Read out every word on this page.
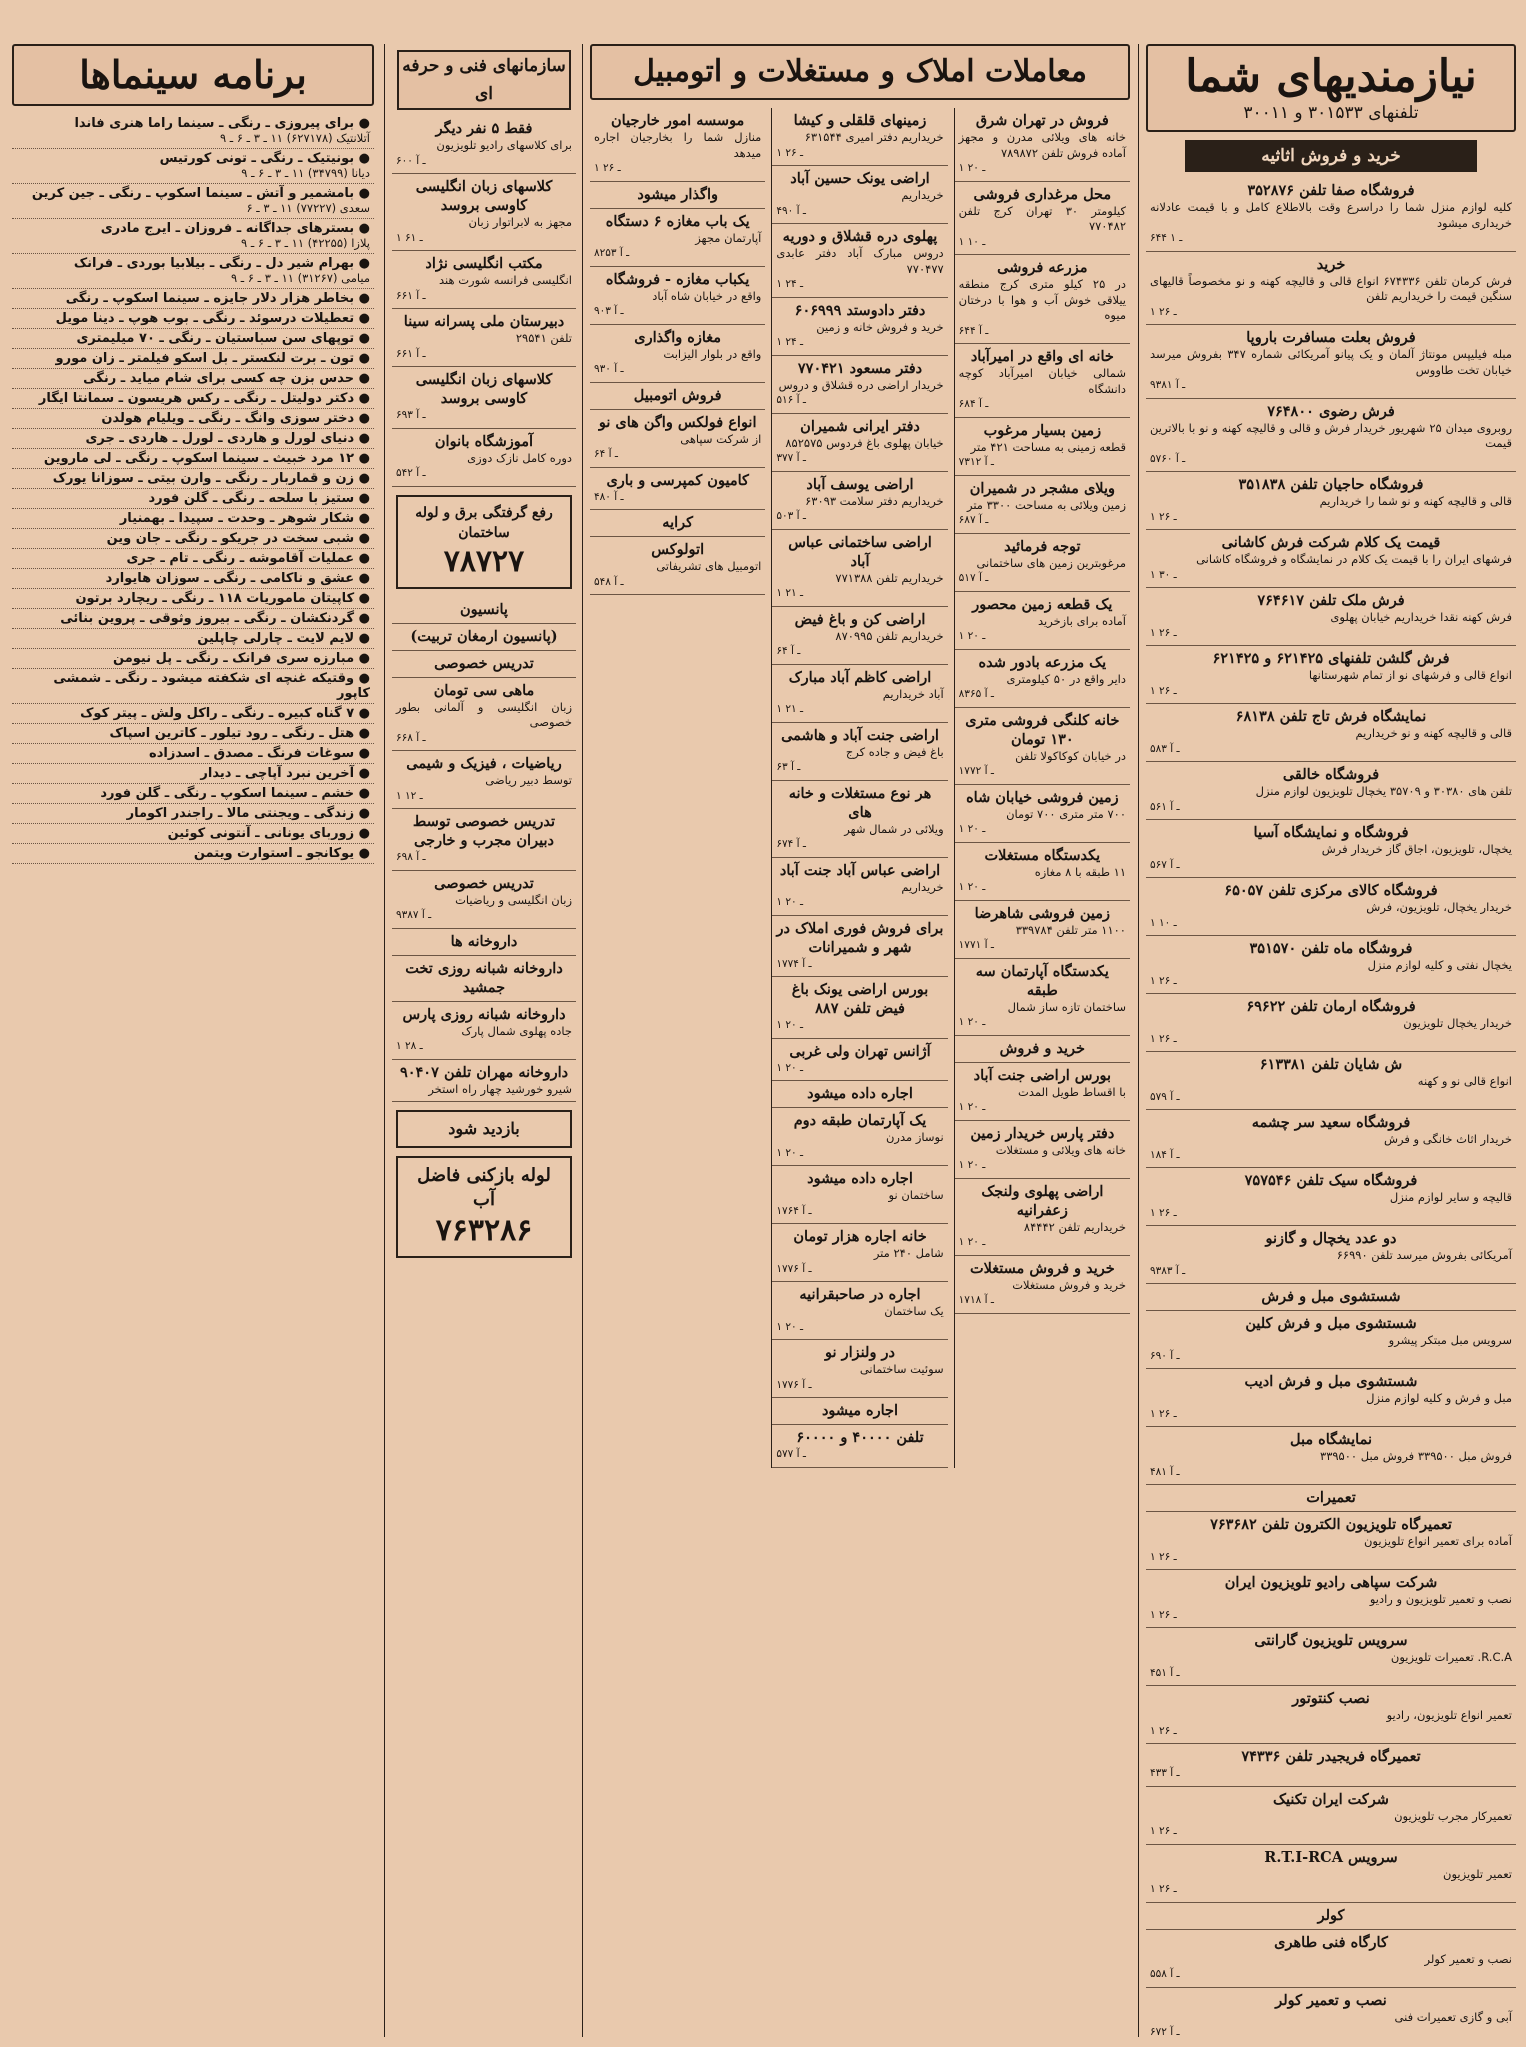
نیازمندیهای شما
تلفنهای ۳۰۱۵۳۳ و ۳۰۰۱۱
خرید و فروش اثاثیه
فروشگاه صفا تلفن ۳۵۲۸۷۶
کلیه لوازم منزل شما را دراسرع وقت بالاطلاع کامل و با قیمت عادلانه خریداری میشود
۶۴۴ ـ ۱
خرید
فرش کرمان تلفن ۶۷۴۳۳۶ انواع قالی و قالیچه کهنه و نو مخصوصاً قالیهای سنگین قیمت را خریداریم تلفن
۱ ـ ۲۶
فروش بعلت مسافرت باروپا
مبله فیلیپس مونتاژ آلمان و یک پیانو آمریکائی شماره ۳۴۷ بفروش میرسد خیابان تخت طاووس
۹۳۸۱ ـ آ
فرش رضوی ۷۶۴۸۰۰
روبروی میدان ۲۵ شهریور خریدار فرش و قالی و قالیچه کهنه و نو با بالاترین قیمت
۵۷۶۰ ـ آ
فروشگاه حاجیان تلفن ۳۵۱۸۳۸
قالی و قالیچه کهنه و نو شما را خریداریم
۱ ـ ۲۶
قیمت یک کلام شرکت فرش کاشانی
فرشهای ایران را با قیمت یک کلام در نمایشگاه و فروشگاه کاشانی
۱ ـ ۳۰
فرش ملک تلفن ۷۶۴۶۱۷
فرش کهنه نقدا خریداریم خیابان پهلوی
۱ ـ ۲۶
فرش گلشن تلفنهای ۶۲۱۴۲۵ و ۶۲۱۴۲۵
انواع قالی و فرشهای نو از تمام شهرستانها
۱ ـ ۲۶
نمایشگاه فرش تاج تلفن ۶۸۱۳۸
قالی و قالیچه کهنه و نو خریداریم
۵۸۳ ـ آ
فروشگاه خالقی
تلفن های ۳۰۳۸۰ و ۳۵۷۰۹ یخچال تلویزیون لوازم منزل
۵۶۱ ـ آ
فروشگاه و نمایشگاه آسیا
یخچال، تلویزیون، اجاق گاز خریدار فرش
۵۶۷ ـ آ
فروشگاه کالای مرکزی تلفن ۶۵۰۵۷
خریدار یخچال، تلویزیون، فرش
۱ ـ ۱۰
فروشگاه ماه تلفن ۳۵۱۵۷۰
یخچال نفتی و کلیه لوازم منزل
۱ ـ ۲۶
فروشگاه ارمان تلفن ۶۹۶۲۲
خریدار یخچال تلویزیون
۱ ـ ۲۶
ش شایان تلفن ۶۱۳۳۸۱
انواع قالی نو و کهنه
۵۷۹ ـ آ
فروشگاه سعید سر چشمه
خریدار اثاث خانگی و فرش
۱۸۴ ـ آ
فروشگاه سیک تلفن ۷۵۷۵۴۶
قالیچه و سایر لوازم منزل
۱ ـ ۲۶
دو عدد یخچال و گازنو
آمریکائی بفروش میرسد تلفن ۶۶۹۹۰
۹۳۸۳ ـ آ
شستشوی مبل و فرش
شستشوی مبل و فرش کلین
سرویس مبل مبتکر پیشرو
۶۹۰ ـ آ
شستشوی مبل و فرش ادیب
مبل و فرش و کلیه لوازم منزل
۱ ـ ۲۶
نمایشگاه مبل
فروش مبل ۳۳۹۵۰۰ فروش مبل ۳۳۹۵۰۰
۴۸۱ ـ آ
تعمیرات
تعمیرگاه تلویزیون الکترون تلفن ۷۶۳۶۸۲
آماده برای تعمیر انواع تلویزیون
۱ ـ ۲۶
شرکت سپاهی رادیو تلویزیون ایران
نصب و تعمیر تلویزیون و رادیو
۱ ـ ۲۶
سرویس تلویزیون گارانتی
R.C.A. تعمیرات تلویزیون
۴۵۱ ـ آ
نصب کنتوتور
تعمیر انواع تلویزیون، رادیو
۱ ـ ۲۶
تعمیرگاه فریجیدر تلفن ۷۴۳۳۶
۴۳۳ ـ آ
شرکت ایران تکنیک
تعمیرکار مجرب تلویزیون
۱ ـ ۲۶
سرویس R.T.I-RCA
تعمیر تلویزیون
۱ ـ ۲۶
کولر
کارگاه فنی طاهری
نصب و تعمیر کولر
۵۵۸ ـ آ
نصب و تعمیر کولر
آبی و گازی تعمیرات فنی
۶۷۲ ـ آ
معاملات املاک و مستغلات و اتومبیل
فروش در تهران شرق
خانه های ویلائی مدرن و مجهز آماده فروش تلفن ۷۸۹۸۷۲
۱ ـ ۲۰
محل مرغداری فروشی
کیلومتر ۳۰ تهران کرج تلفن ۷۷۰۴۸۲
۱ ـ ۱۰
مزرعه فروشی
در ۲۵ کیلو متری کرج منطقه ییلاقی خوش آب و هوا با درختان میوه
۶۴۴ ـ آ
خانه ای واقع در امیرآباد
شمالی خیابان امیرآباد کوچه دانشگاه
۶۸۴ ـ آ
زمین بسیار مرغوب
قطعه زمینی به مساحت ۴۲۱ متر
۷۳۱۲ ـ آ
ویلای مشجر در شمیران
زمین ویلائی به مساحت ۳۳۰۰ متر
۶۸۷ ـ آ
توجه فرمائید
مرغوبترین زمین های ساختمانی
۵۱۷ ـ آ
یک قطعه زمین محصور
آماده برای بازخرید
۱ ـ ۲۰
یک مزرعه بادور شده
دایر واقع در ۵۰ کیلومتری
۸۳۶۵ ـ آ
خانه کلنگی فروشی متری ۱۳۰ تومان
در خیابان کوکاکولا تلفن
۱۷۷۲ ـ آ
زمین فروشی خیابان شاه
۷۰۰ متر متری ۷۰۰ تومان
۱ ـ ۲۰
یکدستگاه مستغلات
۱۱ طبقه با ۸ مغازه
۱ ـ ۲۰
زمین فروشی شاهرضا
۱۱۰۰ متر تلفن ۳۳۹۷۸۴
۱۷۷۱ ـ آ
یکدستگاه آپارتمان سه طبقه
ساختمان تازه ساز شمال
۱ ـ ۲۰
خرید و فروش
بورس اراضی جنت آباد
با اقساط طویل المدت
۱ ـ ۲۰
دفتر پارس خریدار زمین
خانه های ویلائی و مستغلات
۱ ـ ۲۰
اراضی پهلوی ولنجک زعفرانیه
خریداریم تلفن ۸۴۴۴۲
۱ ـ ۲۰
خرید و فروش مستغلات
خرید و فروش مستغلات
۱۷۱۸ ـ آ
زمینهای قلقلی و کیشا
خریداریم دفتر امیری ۶۳۱۵۴۴
۱ ـ ۲۶
اراضی یونک حسین آباد
خریداریم
۴۹۰ ـ آ
پهلوی دره قشلاق و دوریه
دروس مبارک آباد دفتر عابدی ۷۷۰۴۷۷
۱ ـ ۲۴
دفتر دادوستد ۶۰۶۹۹۹
خرید و فروش خانه و زمین
۱ ـ ۲۴
دفتر مسعود ۷۷۰۴۲۱
خریدار اراضی دره قشلاق و دروس
۵۱۶ ـ آ
دفتر ایرانی شمیران
خیابان پهلوی باغ فردوس ۸۵۲۵۷۵
۳۷۷ ـ آ
اراضی یوسف آباد
خریداریم دفتر سلامت ۶۳۰۹۳
۵۰۳ ـ آ
اراضی ساختمانی عباس آباد
خریداریم تلفن ۷۷۱۳۸۸
۱ ـ ۲۱
اراضی کن و باغ فیض
خریداریم تلفن ۸۷۰۹۹۵
۶۴ ـ آ
اراضی کاظم آباد مبارک
آباد خریداریم
۱ ـ ۲۱
اراضی جنت آباد و هاشمی
باغ فیض و جاده کرج
۶۳ ـ آ
هر نوع مستغلات و خانه های
ویلائی در شمال شهر
۶۷۴ ـ آ
اراضی عباس آباد جنت آباد
خریداریم
۱ ـ ۲۰
برای فروش فوری املاک در شهر و شمیرانات
۱۷۷۴ ـ آ
بورس اراضی یونک باغ فیض تلفن ۸۸۷
۱ ـ ۲۰
آژانس تهران ولی غربی
۱ ـ ۲۰
اجاره داده میشود
یک آپارتمان طبقه دوم
نوساز مدرن
۱ ـ ۲۰
اجاره داده میشود
ساختمان نو
۱۷۶۴ ـ آ
خانه اجاره هزار تومان
شامل ۲۴۰ متر
۱۷۷۶ ـ آ
اجاره در صاحبقرانیه
یک ساختمان
۱ ـ ۲۰
در ولنزار نو
سوئیت ساختمانی
۱۷۷۶ ـ آ
اجاره میشود
تلفن ۴۰۰۰۰ و ۶۰۰۰۰
۵۷۷ ـ آ
موسسه امور خارجیان
منازل شما را بخارجیان اجاره میدهد
۱ ـ ۲۶
واگذار میشود
یک باب مغازه ۶ دستگاه
آپارتمان مجهز
۸۲۵۳ ـ آ
یکباب مغازه - فروشگاه
واقع در خیابان شاه آباد
۹۰۳ ـ آ
مغازه واگذاری
واقع در بلوار الیزابت
۹۳۰ ـ آ
فروش اتومبیل
انواع فولکس واگن های نو
از شرکت سپاهی
۶۴ ـ آ
کامیون کمپرسی و باری
۴۸۰ ـ آ
کرایه
اتولوکس
اتومبیل های تشریفاتی
۵۴۸ ـ آ
سازمانهای فنی و حرفه ای
فقط ۵ نفر دیگر
برای کلاسهای رادیو تلویزیون
۶۰۰ ـ آ
کلاسهای زبان انگلیسی کاوسی بروسد
مجهز به لابراتوار زبان
۱ ـ ۶۱
مکتب انگلیسی نژاد
انگلیسی فرانسه شورت هند
۶۶۱ ـ آ
دبیرستان ملی پسرانه سینا
تلفن ۲۹۵۴۱
۶۶۱ ـ آ
کلاسهای زبان انگلیسی کاوسی بروسد
۶۹۳ ـ آ
آموزشگاه بانوان
دوره کامل نازک دوزی
۵۴۲ ـ آ
رفع گرفتگی برق و لوله ساختمان
۷۸۷۲۷
پانسیون
(پانسیون ارمغان تربیت)
تدریس خصوصی
ماهی سی تومان
زبان انگلیسی و آلمانی بطور خصوصی
۶۶۸ ـ آ
ریاضیات ، فیزیک و شیمی
توسط دبیر ریاضی
۱ ـ ۱۲
تدریس خصوصی توسط دبیران مجرب و خارجی
۶۹۸ ـ آ
تدریس خصوصی
زبان انگلیسی و ریاضیات
۹۳۸۷ ـ آ
داروخانه ها
داروخانه شبانه روزی تخت جمشید
داروخانه شبانه روزی پارس
جاده پهلوی شمال پارک
۱ ـ ۲۸
داروخانه مهران تلفن ۹۰۴۰۷
شیرو خورشید چهار راه استخر
بازدید شود
لوله بازکنی فاضل آب
۷۶۳۲۸۶
برنامه سینماها
● برای پیروزی ـ رنگی ـ سینما راما هنری فاندا
آتلانتیک (۶۲۷۱۷۸) ۱۱ ـ ۳ ـ ۶ ـ ۹
● بونیتیک ـ رنگی ـ تونی کورتیس
دیانا (۳۴۷۹۹) ۱۱ ـ ۳ ـ ۶ ـ ۹
● بامشمیر و آتش ـ سینما اسکوپ ـ رنگی ـ جین کرین
سعدی (۷۷۲۲۷) ۱۱ ـ ۳ ـ ۶
● بسترهای جداگانه ـ فروزان ـ ایرج مادری
پلازا (۴۲۲۵۵) ۱۱ ـ ۳ ـ ۶ ـ ۹
● بهرام شیر دل ـ رنگی ـ بیلابیا بوردی ـ فرانک
میامی (۳۱۲۶۷) ۱۱ ـ ۳ ـ ۶ ـ ۹
● بخاطر هزار دلار جایزه ـ سینما اسکوپ ـ رنگی
● تعطیلات درسوئد ـ رنگی ـ بوب هوپ ـ دینا مویل
● توپهای سن سباستیان ـ رنگی ـ ۷۰ میلیمتری
● تون ـ برت لنکستر ـ بل اسکو فیلمتر ـ زان مورو
● حدس بزن چه کسی برای شام میاید ـ رنگی
● دکتر دولیتل ـ رنگی ـ رکس هریسون ـ سمانتا ایگار
● دختر سوزی وانگ ـ رنگی ـ ویلیام هولدن
● دنیای لورل و هاردی ـ لورل ـ هاردی ـ جری
● ۱۲ مرد خبیث ـ سینما اسکوپ ـ رنگی ـ لی ماروین
● زن و قماربار ـ رنگی ـ وارن بیتی ـ سوزانا یورک
● ستیز با سلحه ـ رنگی ـ گلن فورد
● شکار شوهر ـ وحدت ـ سپیدا ـ بهمنیار
● شبی سخت در جریکو ـ رنگی ـ جان وین
● عملیات آقاموشه ـ رنگی ـ تام ـ جری
● عشق و ناکامی ـ رنگی ـ سوزان هایوارد
● کاپیتان ماموریات ۱۱۸ ـ رنگی ـ ریچارد برتون
● گردنکشان ـ رنگی ـ بیروز وثوقی ـ پروین بنائی
● لایم لایت ـ چارلی چاپلین
● مبارزه سری فرانک ـ رنگی ـ پل نیومن
● وقتیکه غنچه ای شکفته میشود ـ رنگی ـ شمشی کاپور
● ۷ گناه کبیره ـ رنگی ـ راکل ولش ـ پیتر کوک
● هتل ـ رنگی ـ رود تیلور ـ کاترین اسپاک
● سوغات فرنگ ـ مصدق ـ اسدزاده
● آخرین نبرد آپاچی ـ دیدار
● خشم ـ سینما اسکوپ ـ رنگی ـ گلن فورد
● زندگی ـ ویجنتی مالا ـ راجندر اکومار
● زوربای یونانی ـ آنتونی کوئین
● یوکانجو ـ استوارت ویتمن
